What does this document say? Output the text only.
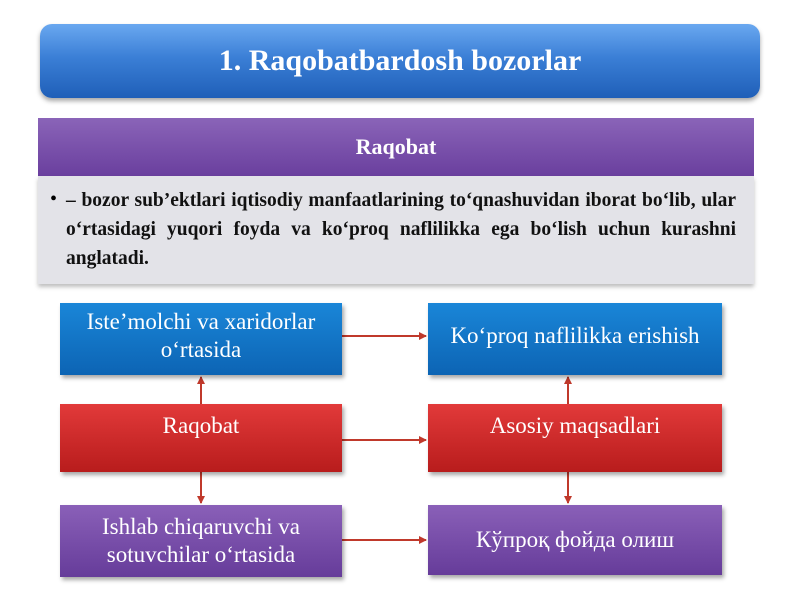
1. Raqobatbardosh bozorlar
Raqobat
• – bozor sub’ektlari iqtisodiy manfaatlarining to‘qnashuvidan iborat bo‘lib, ular o‘rtasidagi yuqori foyda va ko‘proq naflilikka ega bo‘lish uchun kurashni anglatadi.
Iste’molchi va xaridorlar o‘rtasida
Raqobat
Ishlab chiqaruvchi va sotuvchilar o‘rtasida
Ko‘proq naflilikka erishish
Asosiy maqsadlari
Кўпроқ фойда олиш
